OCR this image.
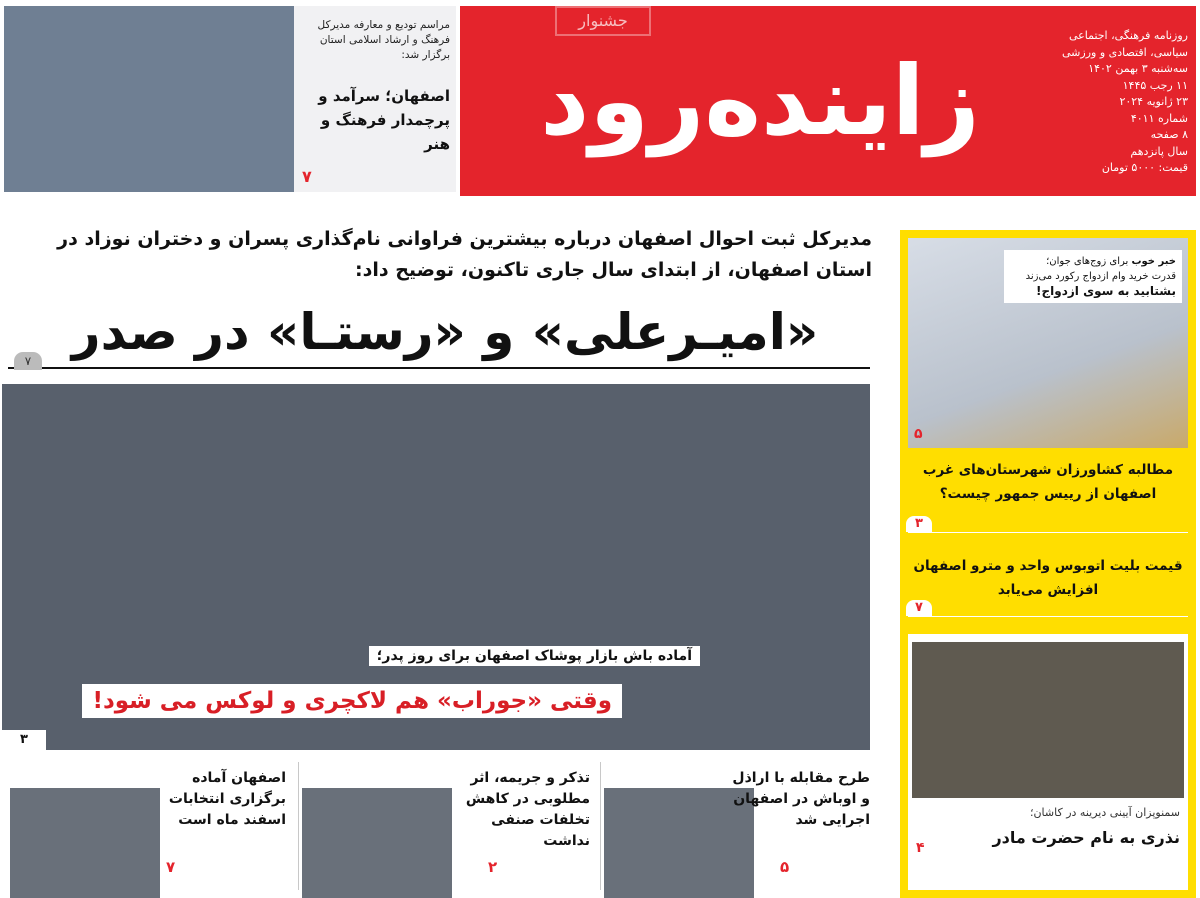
زاینده‌رود
جشنوار
روزنامه فرهنگی، اجتماعی
سیاسی، اقتصادی و ورزشی
سه‌شنبه ۳ بهمن ۱۴۰۲
۱۱ رجب ۱۴۴۵
۲۳ ژانویه ۲۰۲۴
شماره ۴۰۱۱
۸ صفحه
سال پانزدهم
قیمت: ۵۰۰۰ تومان
مراسم تودیع و معارفه مدیرکل فرهنگ و ارشاد اسلامی استان برگزار شد:
اصفهان؛ سرآمد و پرچمدار فرهنگ و هنر
۷
مدیرکل ثبت احوال اصفهان درباره بیشترین فراوانی نام‌گذاری پسران و دختران نوزاد در استان اصفهان، از ابتدای سال جاری تاکنون، توضیح داد:
«امیـرعلی» و «رستـا» در صدر
۷
آماده باش بازار پوشاک اصفهان برای روز پدر؛
وقتی «جوراب» هم لاکچری و لوکس می شود!
۳
طرح مقابله با اراذل و اوباش در اصفهان اجرایی شد
۵
تذکر و جریمه، اثر مطلوبی در کاهش تخلفات صنفی نداشت
۲
اصفهان آماده برگزاری انتخابات اسفند ماه است
۷
خبر خوب برای زوج‌های جوان؛
قدرت خرید وام ازدواج رکورد می‌زند
بشتابید به سوی ازدواج!
۵
مطالبه کشاورزان شهرستان‌های غرب اصفهان از رییس جمهور چیست؟
۳
قیمت بلیت اتوبوس واحد و مترو اصفهان افزایش می‌یابد
۷
سمنوپزان آیینی دیرینه در کاشان؛
نذری به نام حضرت مادر
۴
